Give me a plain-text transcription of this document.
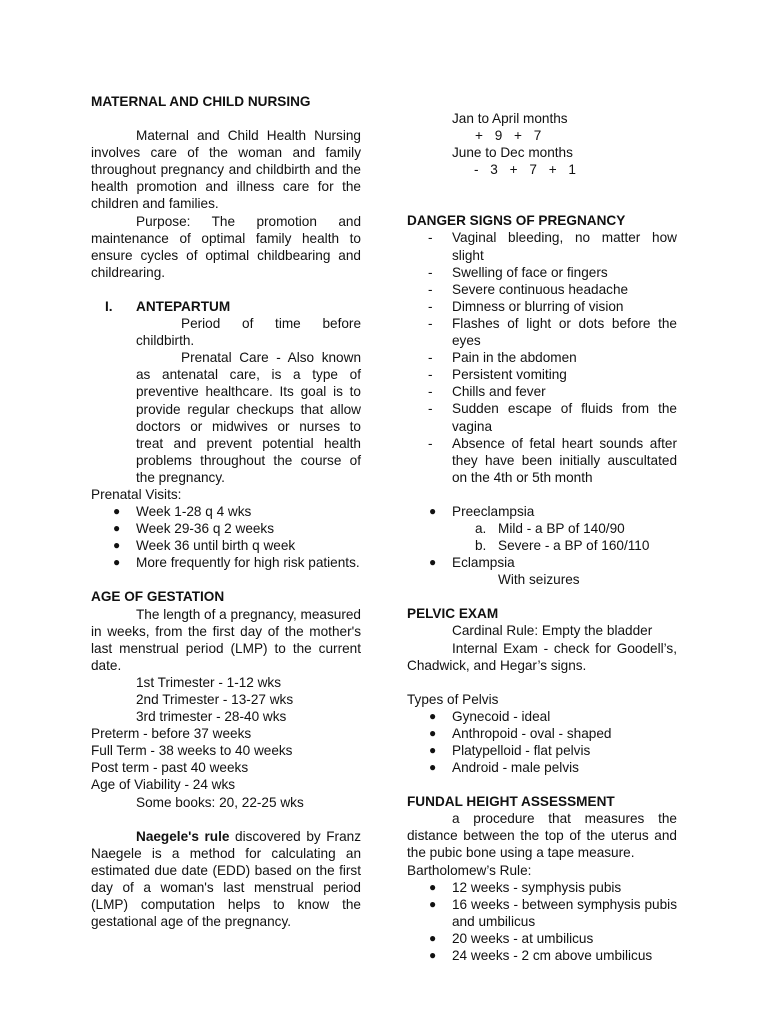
MATERNAL AND CHILD NURSING
Maternal and Child Health Nursing involves care of the woman and family throughout pregnancy and childbirth and the health promotion and illness care for the children and families.
Purpose: The promotion and maintenance of optimal family health to ensure cycles of optimal childbearing and childrearing.
I. ANTEPARTUM
Period of time before childbirth.
Prenatal Care - Also known as antenatal care, is a type of preventive healthcare. Its goal is to provide regular checkups that allow doctors or midwives or nurses to treat and prevent potential health problems throughout the course of the pregnancy.
Prenatal Visits:
● Week 1-28 q 4 wks
● Week 29-36 q 2 weeks
● Week 36 until birth q week
● More frequently for high risk patients.
AGE OF GESTATION
The length of a pregnancy, measured in weeks, from the first day of the mother's last menstrual period (LMP) to the current date.
1st Trimester - 1-12 wks
2nd Trimester - 13-27 wks
3rd trimester - 28-40 wks
Preterm - before 37 weeks
Full Term - 38 weeks to 40 weeks
Post term - past 40 weeks
Age of Viability - 24 wks
Some books: 20, 22-25 wks
Naegele's rule discovered by Franz Naegele is a method for calculating an estimated due date (EDD) based on the first day of a woman's last menstrual period (LMP) computation helps to know the gestational age of the pregnancy.
Jan to April months
+ 9 + 7
June to Dec months
- 3 + 7 + 1
DANGER SIGNS OF PREGNANCY
- Vaginal bleeding, no matter how slight
- Swelling of face or fingers
- Severe continuous headache
- Dimness or blurring of vision
- Flashes of light or dots before the eyes
- Pain in the abdomen
- Persistent vomiting
- Chills and fever
- Sudden escape of fluids from the vagina
- Absence of fetal heart sounds after they have been initially auscultated on the 4th or 5th month
● Preeclampsia
a. Mild - a BP of 140/90
b. Severe - a BP of 160/110
● Eclampsia
With seizures
PELVIC EXAM
Cardinal Rule: Empty the bladder
Internal Exam - check for Goodell’s, Chadwick, and Hegar’s signs.
Types of Pelvis
● Gynecoid - ideal
● Anthropoid - oval - shaped
● Platypelloid - flat pelvis
● Android - male pelvis
FUNDAL HEIGHT ASSESSMENT
a procedure that measures the distance between the top of the uterus and the pubic bone using a tape measure.
Bartholomew’s Rule:
● 12 weeks - symphysis pubis
● 16 weeks - between symphysis pubis and umbilicus
● 20 weeks - at umbilicus
● 24 weeks - 2 cm above umbilicus
